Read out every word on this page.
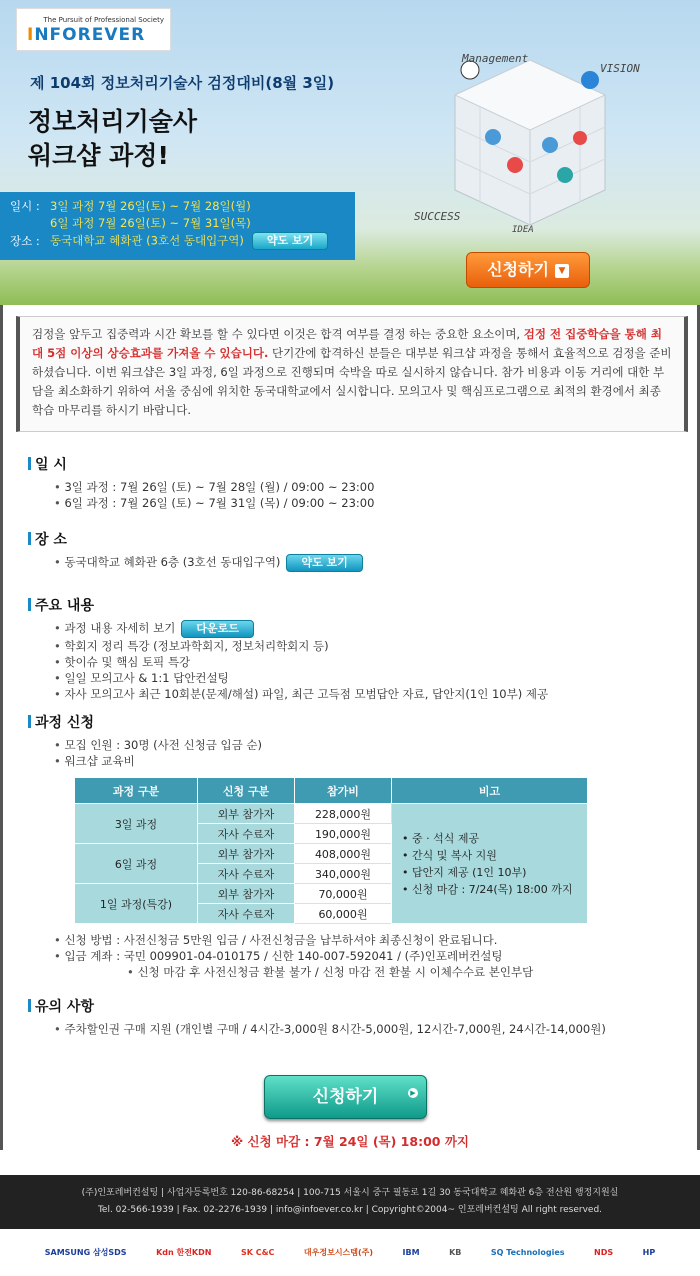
The Pursuit of Professional Society
INFOREVER
제 104회 정보처리기술사 검정대비(8월 3일)
정보처리기술사
워크샵 과정!
Management
VISION
SUCCESS
IDEA
일시 : 3일 과정 7월 26일(토) ~ 7월 28일(월)
6일 과정 7월 26일(토) ~ 7월 31일(목)
장소 : 동국대학교 혜화관 (3호선 동대입구역) 약도 보기
신청하기 ▼
검정을 앞두고 집중력과 시간 확보를 할 수 있다면 이것은 합격 여부를 결정 하는 중요한 요소이며, 검정 전 집중학습을 통해 최대 5점 이상의 상승효과를 가져올 수 있습니다. 단기간에 합격하신 분들은 대부분 워크샵 과정을 통해서 효율적으로 검정을 준비하셨습니다. 이번 워크샵은 3일 과정, 6일 과정으로 진행되며 숙박을 따로 실시하지 않습니다. 참가 비용과 이동 거리에 대한 부담을 최소화하기 위하여 서울 중심에 위치한 동국대학교에서 실시합니다. 모의고사 및 핵심프로그램으로 최적의 환경에서 최종 학습 마무리를 하시기 바랍니다.
일 시
• 3일 과정 : 7월 26일 (토) ~ 7월 28일 (월) / 09:00 ~ 23:00
• 6일 과정 : 7월 26일 (토) ~ 7월 31일 (목) / 09:00 ~ 23:00
장 소
• 동국대학교 혜화관 6층 (3호선 동대입구역) 약도 보기
주요 내용
• 과정 내용 자세히 보기 다운로드
• 학회지 정리 특강 (정보과학회지, 정보처리학회지 등)
• 핫이슈 및 핵심 토픽 특강
• 일일 모의고사 & 1:1 답안컨설팅
• 자사 모의고사 최근 10회분(문제/해설) 파일, 최근 고득점 모범답안 자료, 답안지(1인 10부) 제공
과정 신청
• 모집 인원 : 30명 (사전 신청금 입금 순)
• 워크샵 교육비
과정 구분	신청 구분	참가비	비고
3일 과정	외부 참가자	228,000원	• 중 · 석식 제공
• 간식 및 복사 지원
• 답안지 제공 (1인 10부)
• 신청 마감 : 7/24(목) 18:00 까지

	자사 수료자	190,000원	
6일 과정	외부 참가자	408,000원	
	자사 수료자	340,000원	
1일 과정(특강)	외부 참가자	70,000원	
	자사 수료자	60,000원	
• 신청 방법 : 사전신청금 5만원 입금 / 사전신청금을 납부하셔야 최종신청이 완료됩니다.
• 입금 계좌 : 국민 009901-04-010175 / 신한 140-007-592041 / (주)인포레버컨설팅
• 신청 마감 후 사전신청금 환불 불가 / 신청 마감 전 환불 시 이체수수료 본인부담
유의 사항
• 주차할인권 구매 지원 (개인별 구매 / 4시간-3,000원 8시간-5,000원, 12시간-7,000원, 24시간-14,000원)
신청하기	▶
※ 신청 마감 : 7월 24일 (목) 18:00 까지
(주)인포레버컨설팅 | 사업자등록번호 120-86-68254 | 100-715 서울시 중구 필동로 1길 30 동국대학교 혜화관 6층 전산원 행정지원실
Tel. 02-566-1939 | Fax. 02-2276-1939 | info@infoever.co.kr | Copyright©2004~ 인포레버컨설팅 All right reserved.
SAMSUNG 삼성SDS	Kdn 한전KDN	SK C&C	대우정보시스템(주)	IBM	KB	SQ Technologies	NDS	HP
